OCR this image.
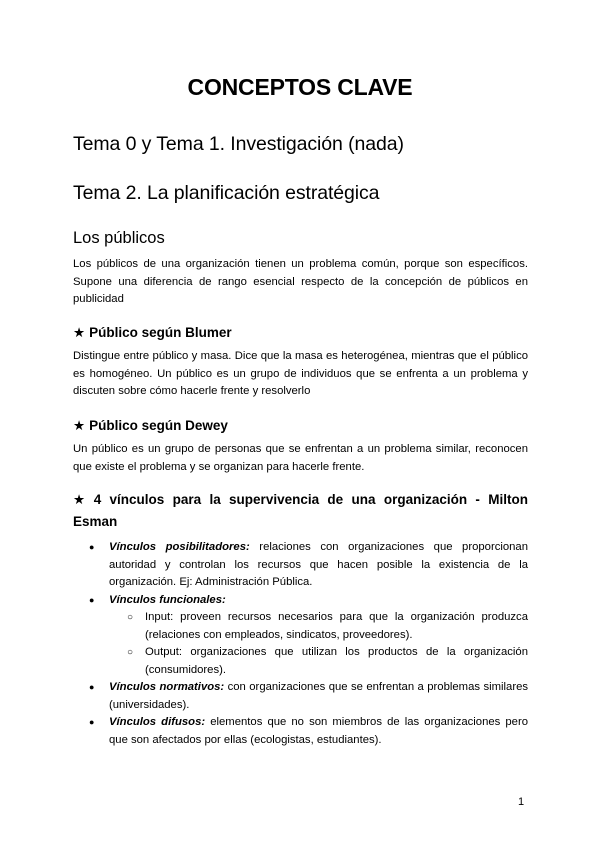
CONCEPTOS CLAVE
Tema 0 y Tema 1. Investigación (nada)
Tema 2. La planificación estratégica
Los públicos
Los públicos de una organización tienen un problema común, porque son específicos. Supone una diferencia de rango esencial respecto de la concepción de públicos en publicidad
★ Público según Blumer
Distingue entre público y masa. Dice que la masa es heterogénea, mientras que el público es homogéneo. Un público es un grupo de individuos que se enfrenta a un problema y discuten sobre cómo hacerle frente y resolverlo
★ Público según Dewey
Un público es un grupo de personas que se enfrentan a un problema similar, reconocen que existe el problema y se organizan para hacerle frente.
★ 4 vínculos para la supervivencia de una organización - Milton Esman
● Vínculos posibilitadores: relaciones con organizaciones que proporcionan autoridad y controlan los recursos que hacen posible la existencia de la organización. Ej: Administración Pública.
● Vínculos funcionales:
○ Input: proveen recursos necesarios para que la organización produzca (relaciones con empleados, sindicatos, proveedores).
○ Output: organizaciones que utilizan los productos de la organización (consumidores).
● Vínculos normativos: con organizaciones que se enfrentan a problemas similares (universidades).
● Vínculos difusos: elementos que no son miembros de las organizaciones pero que son afectados por ellas (ecologistas, estudiantes).
1
